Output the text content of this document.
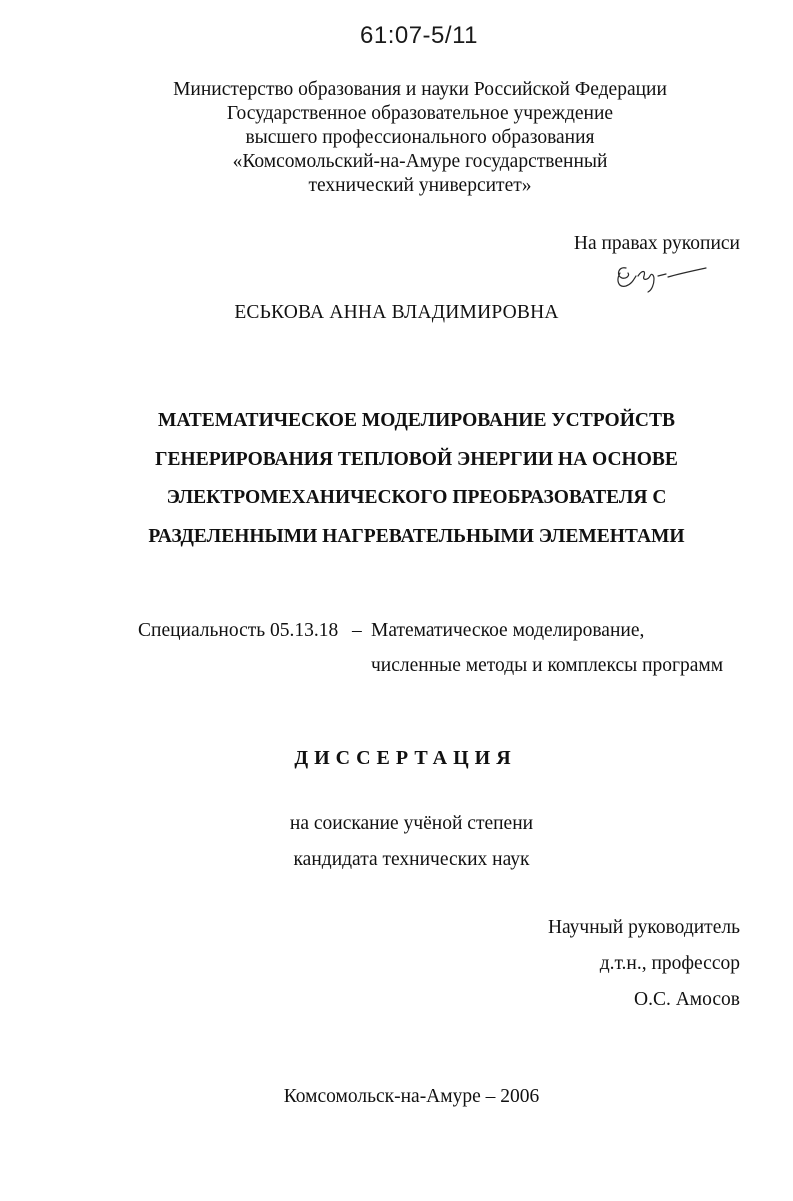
61:07-5/11
Министерство образования и науки Российской Федерации
Государственное образовательное учреждение
высшего профессионального образования
«Комсомольский-на-Амуре государственный
технический университет»
На правах рукописи
ЕСЬКОВА АННА ВЛАДИМИРОВНА
МАТЕМАТИЧЕСКОЕ МОДЕЛИРОВАНИЕ УСТРОЙСТВ
ГЕНЕРИРОВАНИЯ ТЕПЛОВОЙ ЭНЕРГИИ НА ОСНОВЕ
ЭЛЕКТРОМЕХАНИЧЕСКОГО ПРЕОБРАЗОВАТЕЛЯ С
РАЗДЕЛЕННЫМИ НАГРЕВАТЕЛЬНЫМИ ЭЛЕМЕНТАМИ
Специальность 05.13.18 – Математическое моделирование,
численные методы и комплексы программ
ДИССЕРТАЦИЯ
на соискание учёной степени
кандидата технических наук
Научный руководитель
д.т.н., профессор
О.С. Амосов
Комсомольск-на-Амуре – 2006
